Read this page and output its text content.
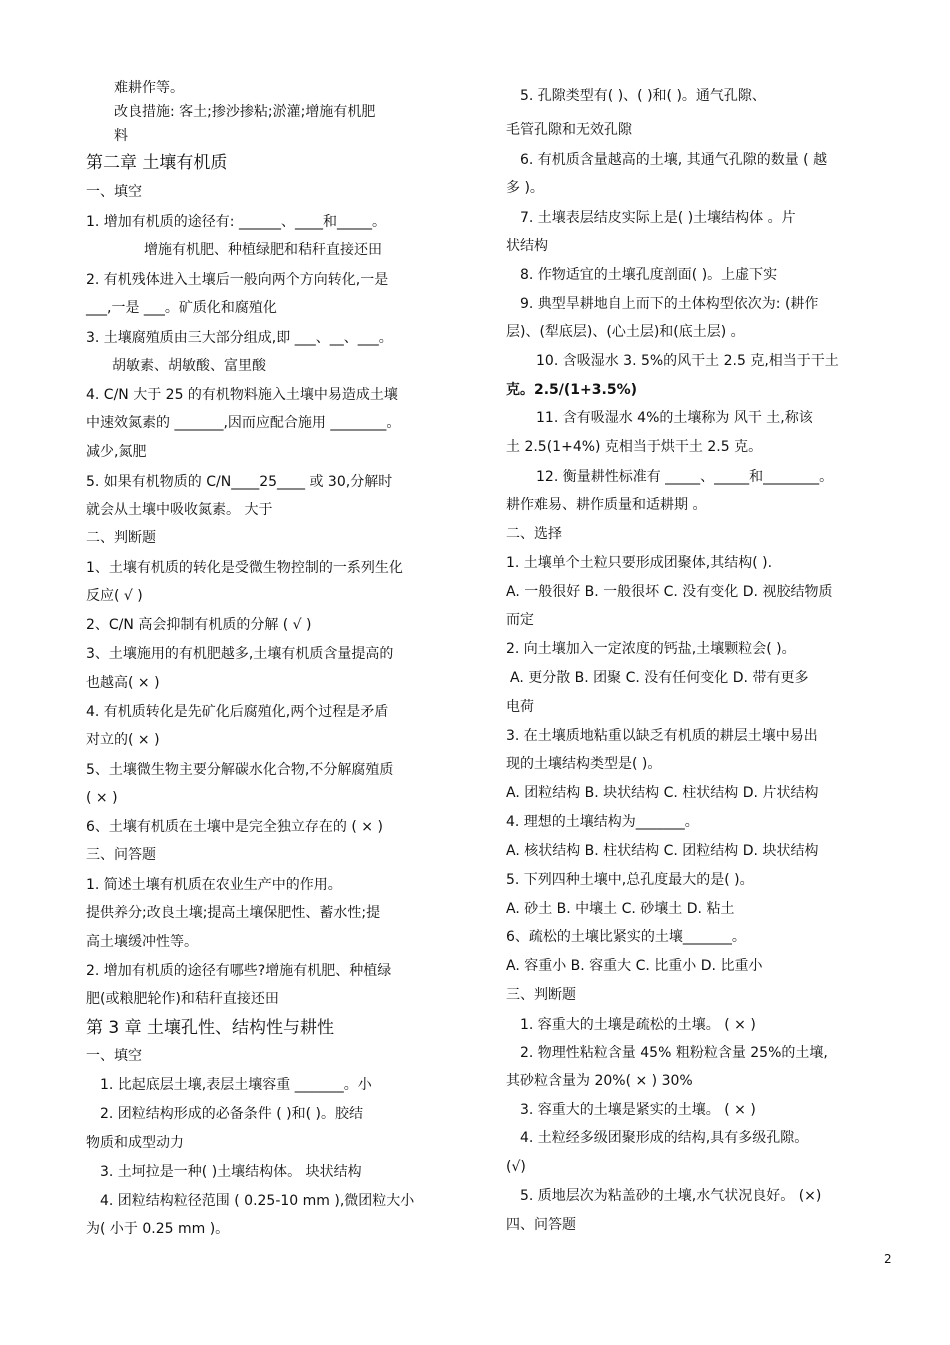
难耕作等。
改良措施: 客土;掺沙掺粘;淤灌;增施有机肥
料
第二章 土壤有机质
一、填空
1. 增加有机质的途径有: ______、____和_____。
增施有机肥、种植绿肥和秸秆直接还田
2. 有机残体进入土壤后一般向两个方向转化,一是
___,一是 ___。矿质化和腐殖化
3. 土壤腐殖质由三大部分组成,即 ___、__、___。
胡敏素、胡敏酸、富里酸
4. C/N 大于 25 的有机物料施入土壤中易造成土壤
中速效氮素的 _______,因而应配合施用 ________。
减少,氮肥
5. 如果有机物质的 C/N____25____ 或 30,分解时
就会从土壤中吸收氮素。 大于
二、判断题
1、土壤有机质的转化是受微生物控制的一系列生化
反应( √ )
2、C/N 高会抑制有机质的分解 ( √ )
3、土壤施用的有机肥越多,土壤有机质含量提高的
也越高( × )
4. 有机质转化是先矿化后腐殖化,两个过程是矛盾
对立的( × )
5、土壤微生物主要分解碳水化合物,不分解腐殖质
( × )
6、土壤有机质在土壤中是完全独立存在的 ( × )
三、问答题
1. 简述土壤有机质在农业生产中的作用。
提供养分;改良土壤;提高土壤保肥性、蓄水性;提
高土壤缓冲性等。
2. 增加有机质的途径有哪些?增施有机肥、种植绿
肥(或粮肥轮作)和秸秆直接还田
第 3 章 土壤孔性、结构性与耕性
一、填空
1. 比起底层土壤,表层土壤容重 _______。小
2. 团粒结构形成的必备条件 ( )和( )。胶结
物质和成型动力
3. 土坷拉是一种( )土壤结构体。 块状结构
4. 团粒结构粒径范围 ( 0.25-10 mm ),微团粒大小
为( 小于 0.25 mm )。
5. 孔隙类型有( )、( )和( )。通气孔隙、
毛管孔隙和无效孔隙
6. 有机质含量越高的土壤, 其通气孔隙的数量 ( 越
多 )。
7. 土壤表层结皮实际上是( )土壤结构体 。片
状结构
8. 作物适宜的土壤孔度剖面( )。上虚下实
9. 典型旱耕地自上而下的土体构型依次为: (耕作
层)、(犁底层)、(心土层)和(底土层) 。
10. 含吸湿水 3. 5%的风干土 2.5 克,相当于干土
克。2.5/(1+3.5%)
11. 含有吸湿水 4%的土壤称为 风干 土,称该
土 2.5(1+4%) 克相当于烘干土 2.5 克。
12. 衡量耕性标准有 _____、_____和________。
耕作难易、耕作质量和适耕期 。
二、选择
1. 土壤单个土粒只要形成团聚体,其结构( ).
A. 一般很好 B. 一般很坏 C. 没有变化 D. 视胶结物质
而定
2. 向土壤加入一定浓度的钙盐,土壤颗粒会( )。
A. 更分散 B. 团聚 C. 没有任何变化 D. 带有更多
电荷
3. 在土壤质地粘重以缺乏有机质的耕层土壤中易出
现的土壤结构类型是( )。
A. 团粒结构 B. 块状结构 C. 柱状结构 D. 片状结构
4. 理想的土壤结构为_______。
A. 核状结构 B. 柱状结构 C. 团粒结构 D. 块状结构
5. 下列四种土壤中,总孔度最大的是( )。
A. 砂土 B. 中壤土 C. 砂壤土 D. 粘土
6、疏松的土壤比紧实的土壤_______。
A. 容重小 B. 容重大 C. 比重小 D. 比重小
三、判断题
1. 容重大的土壤是疏松的土壤。 ( × )
2. 物理性粘粒含量 45% 粗粉粒含量 25%的土壤,
其砂粒含量为 20%( × ) 30%
3. 容重大的土壤是紧实的土壤。 ( × )
4. 土粒经多级团聚形成的结构,具有多级孔隙。
(√)
5. 质地层次为粘盖砂的土壤,水气状况良好。 (×)
四、问答题
2
